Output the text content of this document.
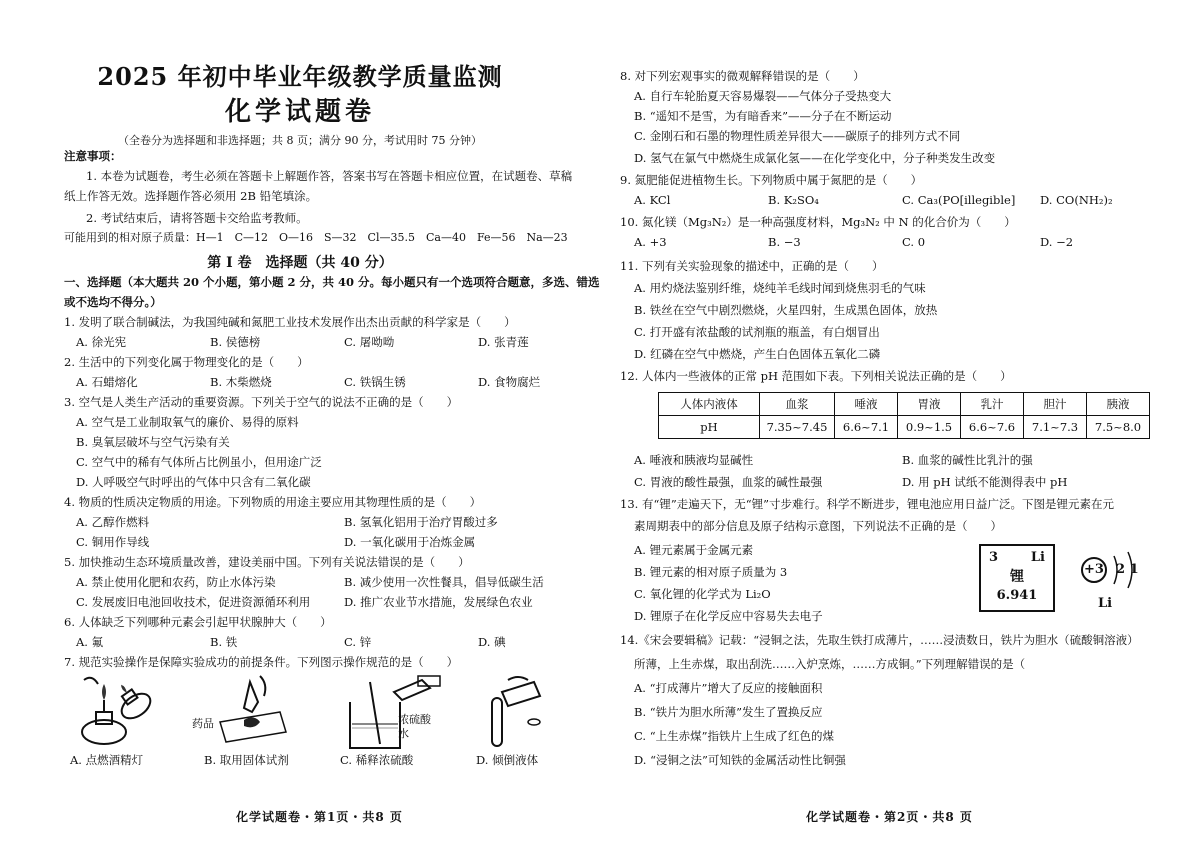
2025 年初中毕业年级教学质量监测
化学试题卷
（全卷分为选择题和非选择题；共 8 页；满分 90 分，考试用时 75 分钟）
注意事项：
1. 本卷为试题卷，考生必须在答题卡上解题作答，答案书写在答题卡相应位置，在试题卷、草稿
纸上作答无效。选择题作答必须用 2B 铅笔填涂。
2. 考试结束后，请将答题卡交给监考教师。
可能用到的相对原子质量：H—1　C—12　O—16　S—32　Cl—35.5　Ca—40　Fe—56　Na—23
第 Ⅰ 卷　选择题（共 40 分）
一、选择题（本大题共 20 个小题，第小题 2 分，共 40 分。每小题只有一个选项符合题意，多选、错选
或不选均不得分。）
1. 发明了联合制碱法，为我国纯碱和氮肥工业技术发展作出杰出贡献的科学家是（　　）
A. 徐光宪	B. 侯德榜	C. 屠呦呦	D. 张青莲
2. 生活中的下列变化属于物理变化的是（　　）
A. 石蜡熔化	B. 木柴燃烧	C. 铁锅生锈	D. 食物腐烂
3. 空气是人类生产活动的重要资源。下列关于空气的说法不正确的是（　　）
A. 空气是工业制取氧气的廉价、易得的原料
B. 臭氧层破坏与空气污染有关
C. 空气中的稀有气体所占比例虽小，但用途广泛
D. 人呼吸空气时呼出的气体中只含有二氧化碳
4. 物质的性质决定物质的用途。下列物质的用途主要应用其物理性质的是（　　）
A. 乙醇作燃料	B. 氢氧化铝用于治疗胃酸过多
C. 铜用作导线	D. 一氧化碳用于冶炼金属
5. 加快推动生态环境质量改善，建设美丽中国。下列有关说法错误的是（　　）
A. 禁止使用化肥和农药，防止水体污染	B. 减少使用一次性餐具，倡导低碳生活
C. 发展废旧电池回收技术，促进资源循环利用	D. 推广农业节水措施，发展绿色农业
6. 人体缺乏下列哪种元素会引起甲状腺肿大（　　）
A. 氟	B. 铁	C. 锌	D. 碘
7. 规范实验操作是保障实验成功的前提条件。下列图示操作规范的是（　　）
药品	浓硫酸
水
A. 点燃酒精灯	B. 取用固体试剂	C. 稀释浓硫酸	D. 倾倒液体
化学试题卷・第1页・共8 页
8. 对下列宏观事实的微观解释错误的是（　　）
A. 自行车轮胎夏天容易爆裂——气体分子受热变大
B. “遥知不是雪，为有暗香来”——分子在不断运动
C. 金刚石和石墨的物理性质差异很大——碳原子的排列方式不同
D. 氢气在氯气中燃烧生成氯化氢——在化学变化中，分子种类发生改变
9. 氮肥能促进植物生长。下列物质中属于氮肥的是（　　）
A. KCl	B. K₂SO₄	C. Ca₃(PO[illegible] D. CO(NH₂)₂
10. 氮化镁（Mg₃N₂）是一种高强度材料，Mg₃N₂ 中 N 的化合价为（　　）
A. +3	B. −3	C. 0	D. −2
11. 下列有关实验现象的描述中，正确的是（　　）
A. 用灼烧法鉴别纤维，烧纯羊毛线时闻到烧焦羽毛的气味
B. 铁丝在空气中剧烈燃烧，火星四射，生成黑色固体，放热
C. 打开盛有浓盐酸的试剂瓶的瓶盖，有白烟冒出
D. 红磷在空气中燃烧，产生白色固体五氧化二磷
12. 人体内一些液体的正常 pH 范围如下表。下列相关说法正确的是（　　）
人体内液体	血浆	唾液	胃液	乳汁	胆汁	胰液
pH	7.35~7.45	6.6~7.1	0.9~1.5	6.6~7.6	7.1~7.3	7.5~8.0
A. 唾液和胰液均显碱性	B. 血浆的碱性比乳汁的强
C. 胃液的酸性最强，血浆的碱性最强	D. 用 pH 试纸不能测得表中 pH
13. 有“锂”走遍天下，无“锂”寸步难行。科学不断进步，锂电池应用日益广泛。下图是锂元素在元
素周期表中的部分信息及原子结构示意图，下列说法不正确的是（　　）
A. 锂元素属于金属元素
B. 锂元素的相对原子质量为 3
C. 氧化锂的化学式为 Li₂O
D. 锂原子在化学反应中容易失去电子
3	Li
锂
6.941
+3 2 1
Li
14.《宋会要辑稿》记载：“浸铜之法，先取生铁打成薄片，……浸渍数日，铁片为胆水（硫酸铜溶液）
所薄，上生赤煤，取出刮洗……入炉烹炼，……方成铜。”下列理解错误的是（
A. “打成薄片”增大了反应的接触面积
B. “铁片为胆水所薄”发生了置换反应
C. “上生赤煤”指铁片上生成了红色的煤
D. “浸铜之法”可知铁的金属活动性比铜强
化学试题卷・第2页・共8 页
